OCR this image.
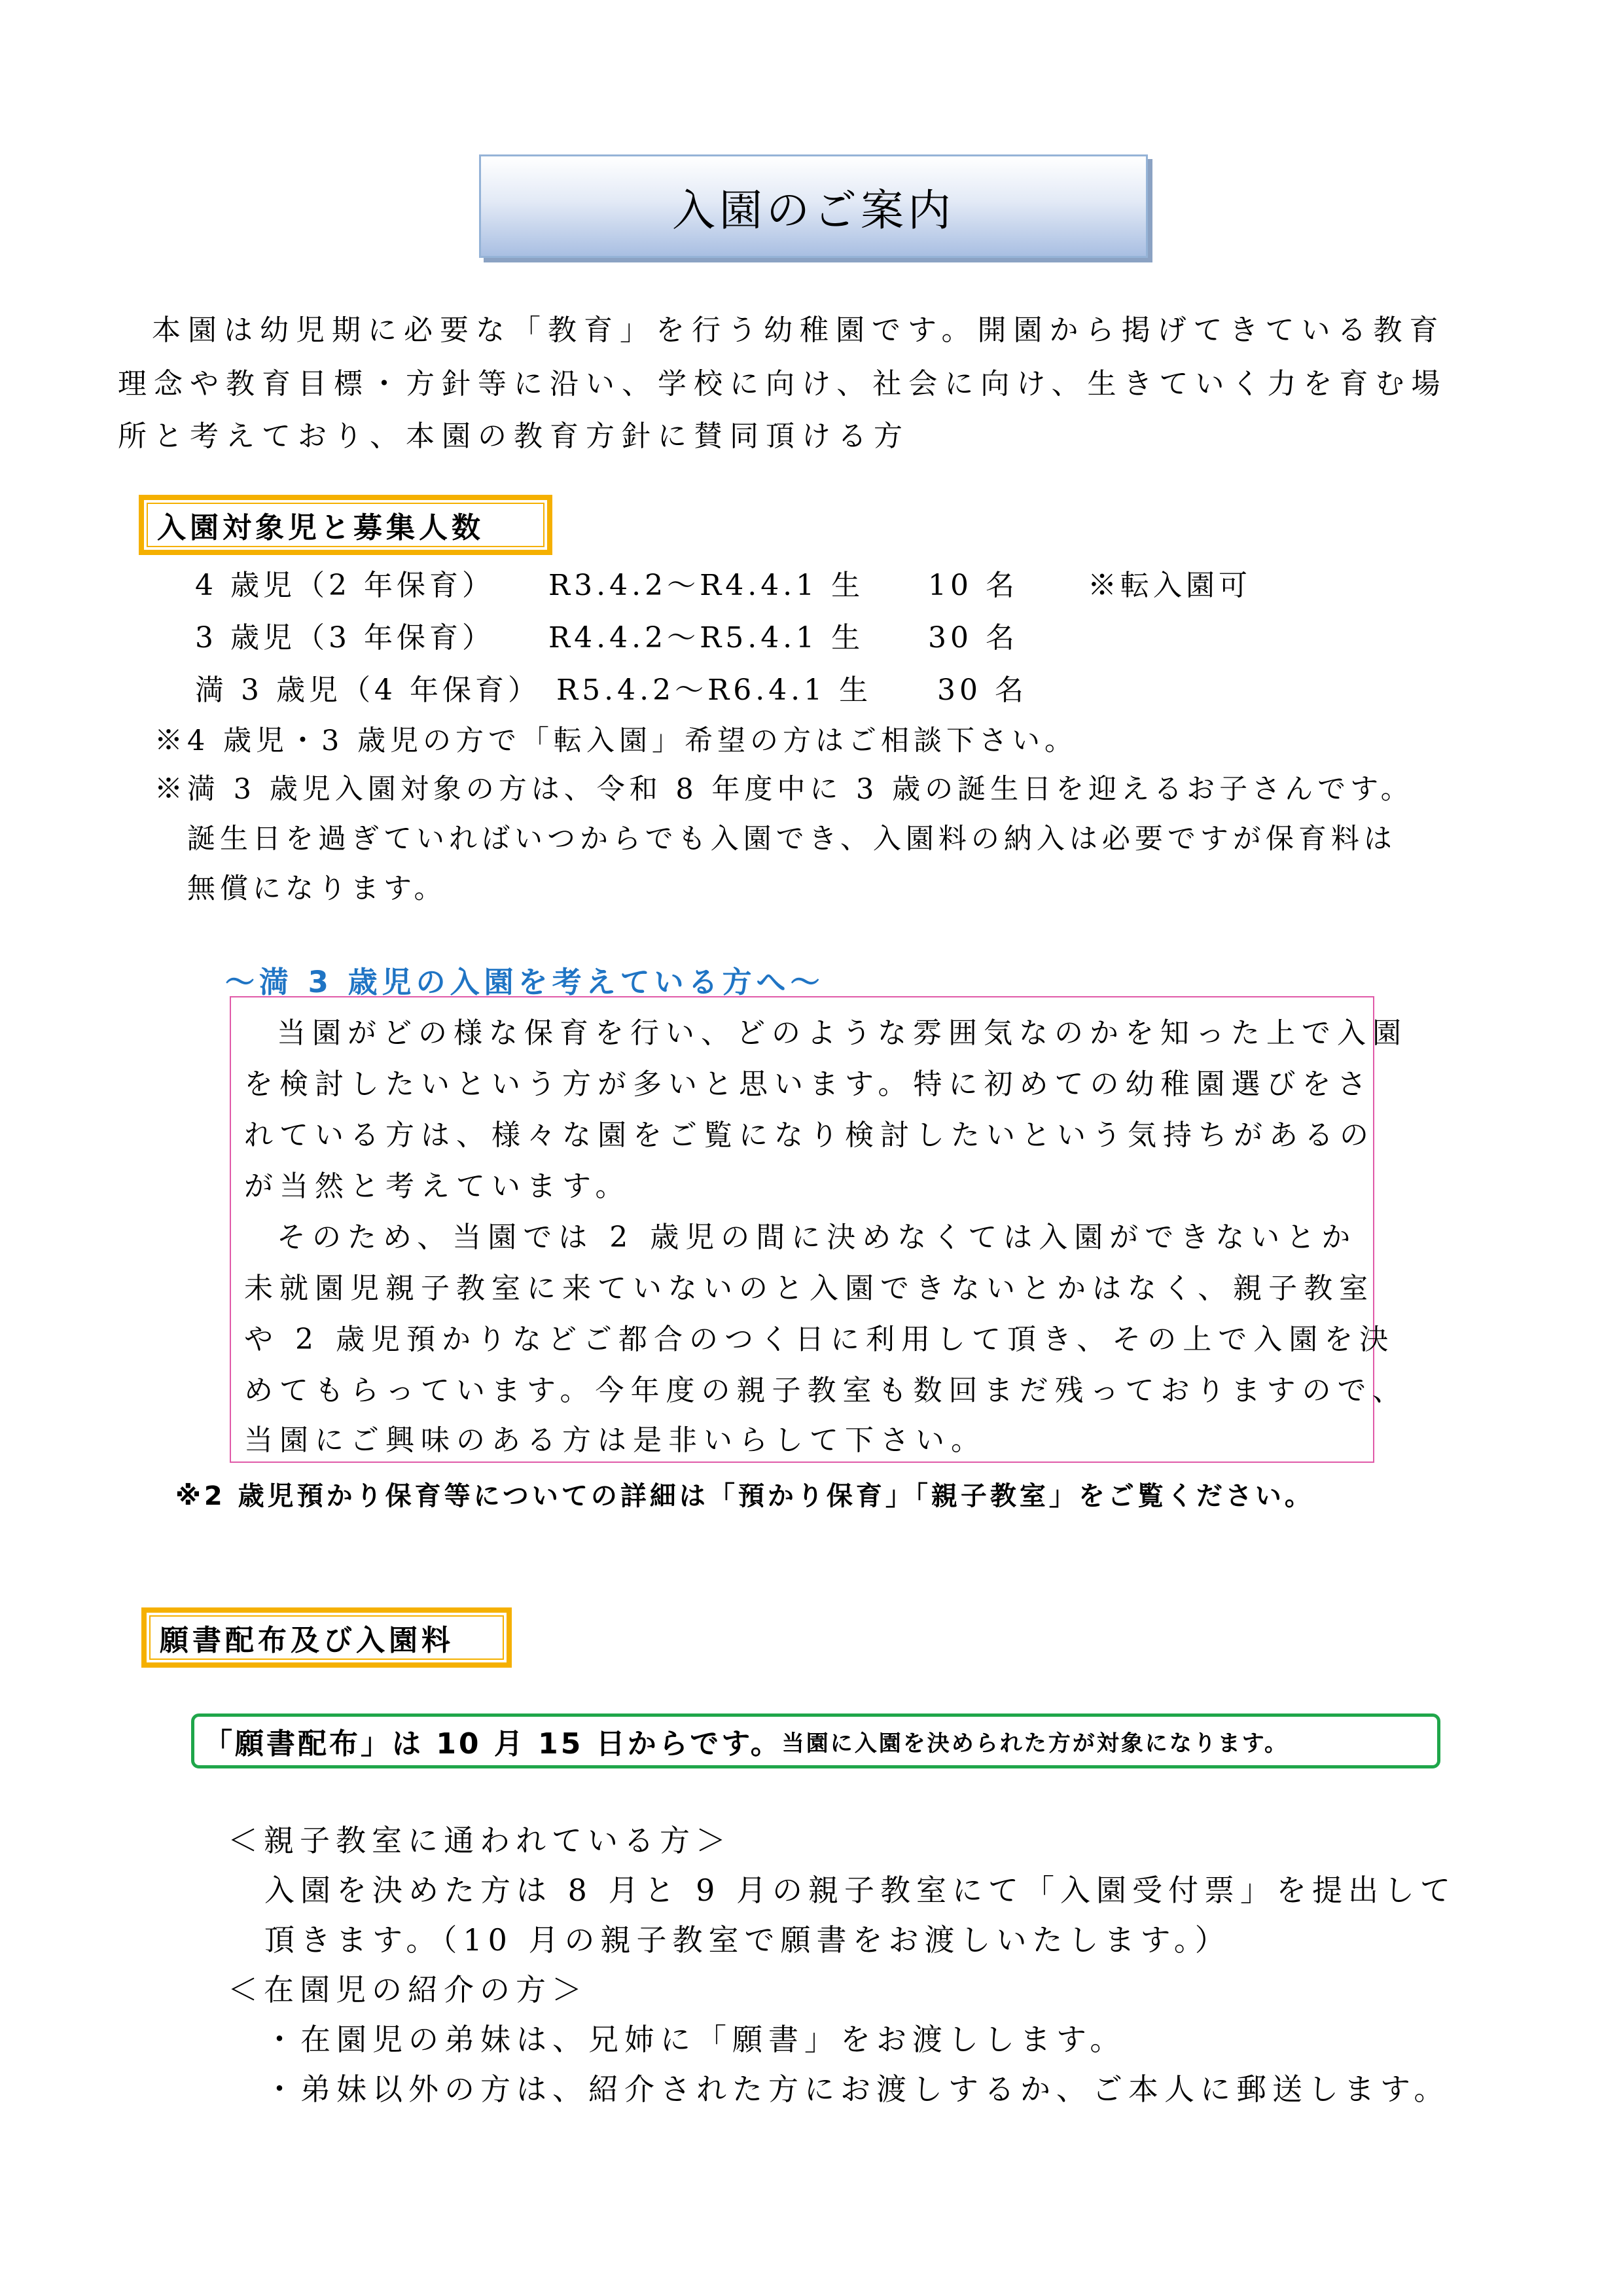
入園のご案内
本園は幼児期に必要な「教育」を行う幼稚園です。開園から掲げてきている教育
理念や教育目標・方針等に沿い、学校に向け、社会に向け、生きていく力を育む場
所と考えており、本園の教育方針に賛同頂ける方
入園対象児と募集人数
4 歳児（2 年保育） R3.4.2～R4.4.1 生 10 名 ※転入園可
3 歳児（3 年保育） R4.4.2～R5.4.1 生 30 名
満 3 歳児（4 年保育） R5.4.2～R6.4.1 生 30 名
※4 歳児・3 歳児の方で「転入園」希望の方はご相談下さい。
※満 3 歳児入園対象の方は、令和 8 年度中に 3 歳の誕生日を迎えるお子さんです。
誕生日を過ぎていればいつからでも入園でき、入園料の納入は必要ですが保育料は
無償になります。
～満 3 歳児の入園を考えている方へ～
当園がどの様な保育を行い、どのような雰囲気なのかを知った上で入園
を検討したいという方が多いと思います。特に初めての幼稚園選びをさ
れている方は、様々な園をご覧になり検討したいという気持ちがあるの
が当然と考えています。
そのため、当園では 2 歳児の間に決めなくては入園ができないとか
未就園児親子教室に来ていないのと入園できないとかはなく、親子教室
や 2 歳児預かりなどご都合のつく日に利用して頂き、その上で入園を決
めてもらっています。今年度の親子教室も数回まだ残っておりますので、
当園にご興味のある方は是非いらして下さい。
※2 歳児預かり保育等についての詳細は「預かり保育」「親子教室」をご覧ください。
願書配布及び入園料
「願書配布」は 10 月 15 日からです。 当園に入園を決められた方が対象になります。
＜親子教室に通われている方＞
入園を決めた方は 8 月と 9 月の親子教室にて「入園受付票」を提出して
頂きます。（10 月の親子教室で願書をお渡しいたします。）
＜在園児の紹介の方＞
・在園児の弟妹は、兄姉に「願書」をお渡しします。
・弟妹以外の方は、紹介された方にお渡しするか、ご本人に郵送します。
